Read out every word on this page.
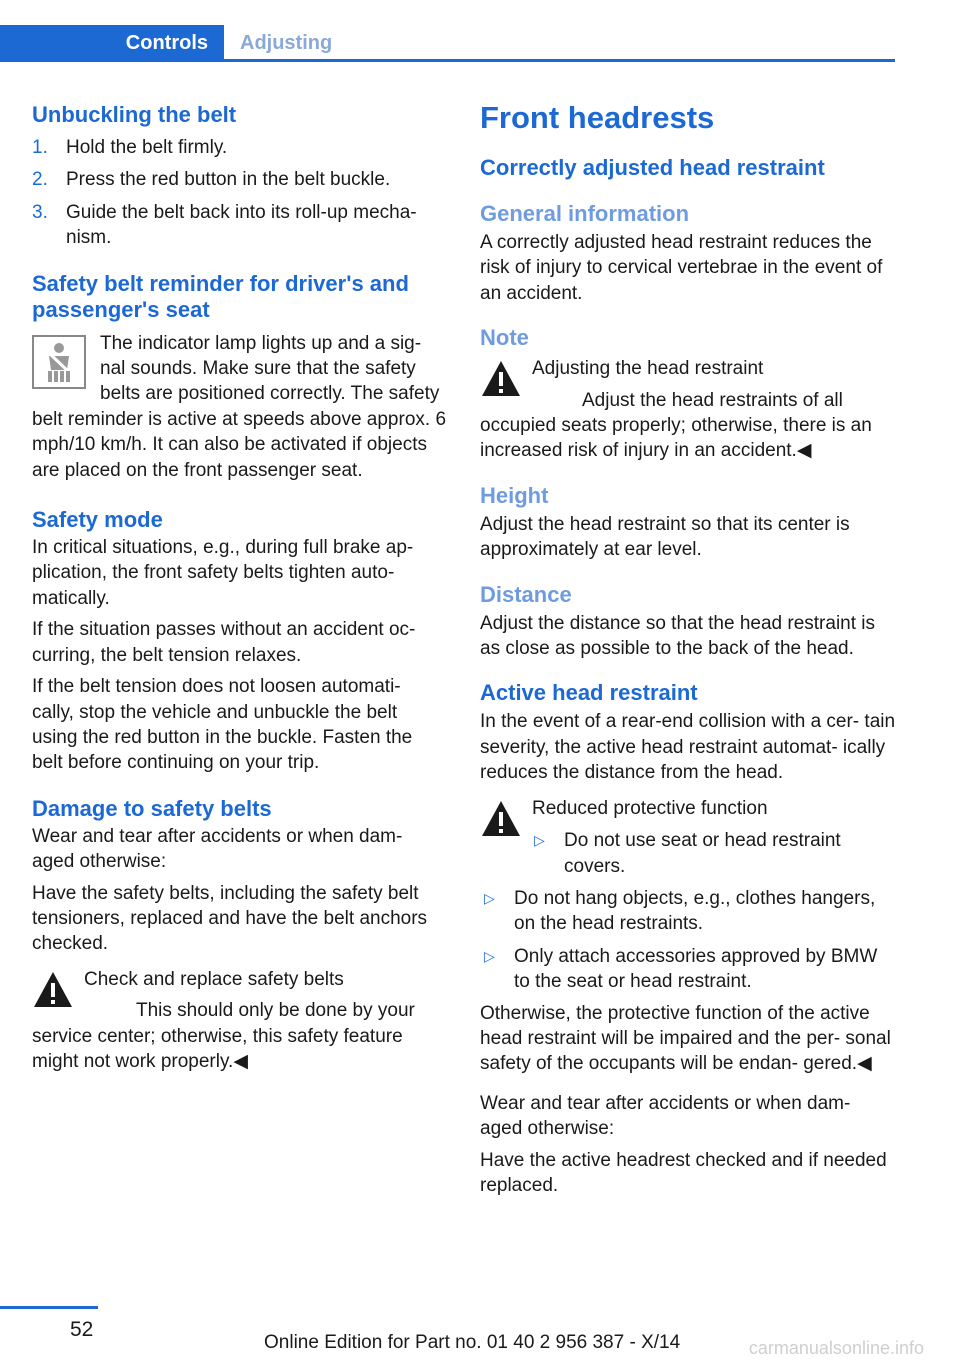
Controls	Adjusting
Unbuckling the belt
1. Hold the belt firmly.
2. Press the red button in the belt buckle.
3. Guide the belt back into its roll-up mecha‐ nism.
Safety belt reminder for driver's and passenger's seat

The indicator lamp lights up and a sig‐ nal sounds. Make sure that the safety belts are positioned correctly. The safety belt reminder is active at speeds above approx. 6 mph/10 km/h. It can also be activated if objects are placed on the front passenger seat.

Safety mode

In critical situations, e.g., during full brake ap‐ plication, the front safety belts tighten auto‐ matically.

If the situation passes without an accident oc‐ curring, the belt tension relaxes.

If the belt tension does not loosen automati‐ cally, stop the vehicle and unbuckle the belt using the red button in the buckle. Fasten the belt before continuing on your trip.

Damage to safety belts

Wear and tear after accidents or when dam‐ aged otherwise:

Have the safety belts, including the safety belt tensioners, replaced and have the belt anchors checked.

Check and replace safety belts

This should only be done by your service center; otherwise, this safety feature might not work properly.◀

Front headrests
Correctly adjusted head restraint
General information

A correctly adjusted head restraint reduces the risk of injury to cervical vertebrae in the event of an accident.

Note

Adjusting the head restraint

Adjust the head restraints of all occupied seats properly; otherwise, there is an increased risk of injury in an accident.◀

Height

Adjust the head restraint so that its center is approximately at ear level.

Distance

Adjust the distance so that the head restraint is as close as possible to the back of the head.

Active head restraint

In the event of a rear-end collision with a cer‐ tain severity, the active head restraint automat‐ ically reduces the distance from the head.

Reduced protective function

▷ Do not use seat or head restraint covers.
▷ Do not hang objects, e.g., clothes hangers, on the head restraints.
▷ Only attach accessories approved by BMW to the seat or head restraint.

Otherwise, the protective function of the active head restraint will be impaired and the per‐ sonal safety of the occupants will be endan‐ gered.◀

Wear and tear after accidents or when dam‐ aged otherwise:

Have the active headrest checked and if needed replaced.

52
Online Edition for Part no. 01 40 2 956 387 - X/14	carmanualsonline.info
